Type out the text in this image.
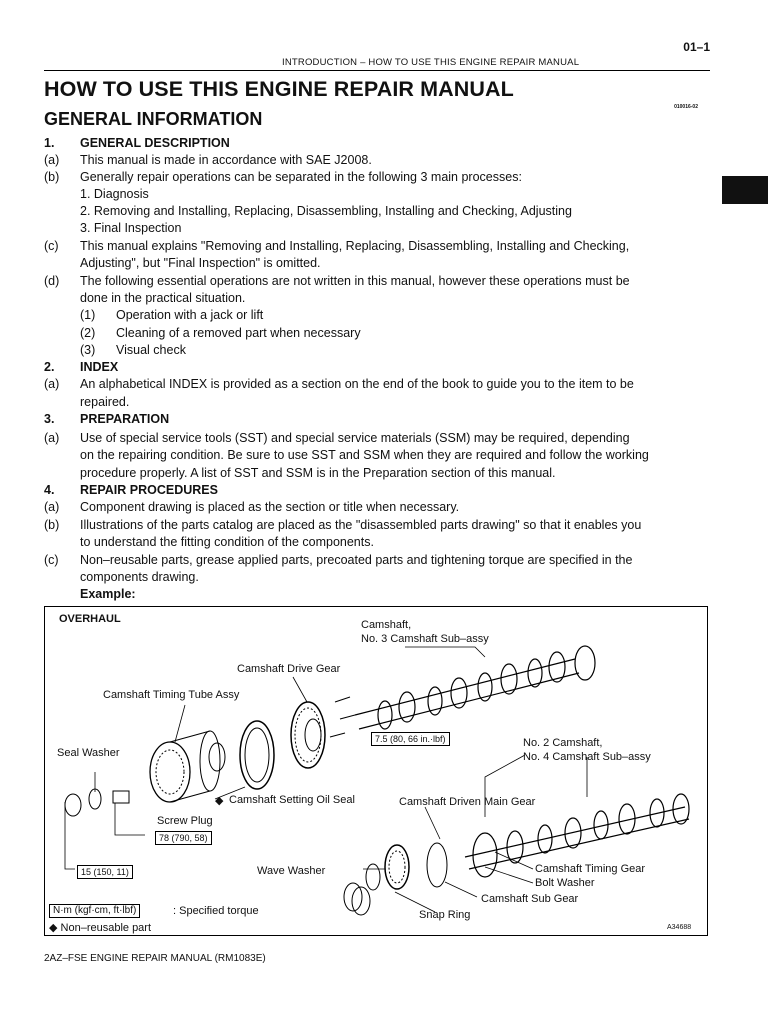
01–1
INTRODUCTION – HOW TO USE THIS ENGINE REPAIR MANUAL
HOW TO USE THIS ENGINE REPAIR MANUAL
GENERAL INFORMATION
010016-02
1. GENERAL DESCRIPTION
(a) This manual is made in accordance with SAE J2008.
(b) Generally repair operations can be separated in the following 3 main processes:
1. Diagnosis
2. Removing and Installing, Replacing, Disassembling, Installing and Checking, Adjusting
3. Final Inspection
(c) This manual explains "Removing and Installing, Replacing, Disassembling, Installing and Checking,
Adjusting", but "Final Inspection" is omitted.
(d) The following essential operations are not written in this manual, however these operations must be
done in the practical situation.
(1) Operation with a jack or lift
(2) Cleaning of a removed part when necessary
(3) Visual check
2. INDEX
(a) An alphabetical INDEX is provided as a section on the end of the book to guide you to the item to be
repaired.
3. PREPARATION
(a) Use of special service tools (SST) and special service materials (SSM) may be required, depending
on the repairing condition. Be sure to use SST and SSM when they are required and follow the working
procedure properly. A list of SST and SSM is in the Preparation section of this manual.
4. REPAIR PROCEDURES
(a) Component drawing is placed as the section or title when necessary.
(b) Illustrations of the parts catalog are placed as the "disassembled parts drawing" so that it enables you
to understand the fitting condition of the components.
(c) Non–reusable parts, grease applied parts, precoated parts and tightening torque are specified in the
components drawing.
Example:
OVERHAUL	Camshaft,
No. 3 Camshaft Sub–assy
Camshaft Drive Gear
Camshaft Timing Tube Assy
Seal Washer
◆ Camshaft Setting Oil Seal
Screw Plug
No. 2 Camshaft,
No. 4 Camshaft Sub–assy
Camshaft Driven Main Gear
Wave Washer	Camshaft Timing Gear
Bolt Washer
Camshaft Sub Gear
Snap Ring
7.5 (80, 66 in.·lbf)
78 (790, 58)
15 (150, 11)
N·m (kgf·cm, ft·lbf)	: Specified torque
◆ Non–reusable part	A34688
2AZ–FSE ENGINE REPAIR MANUAL (RM1083E)
